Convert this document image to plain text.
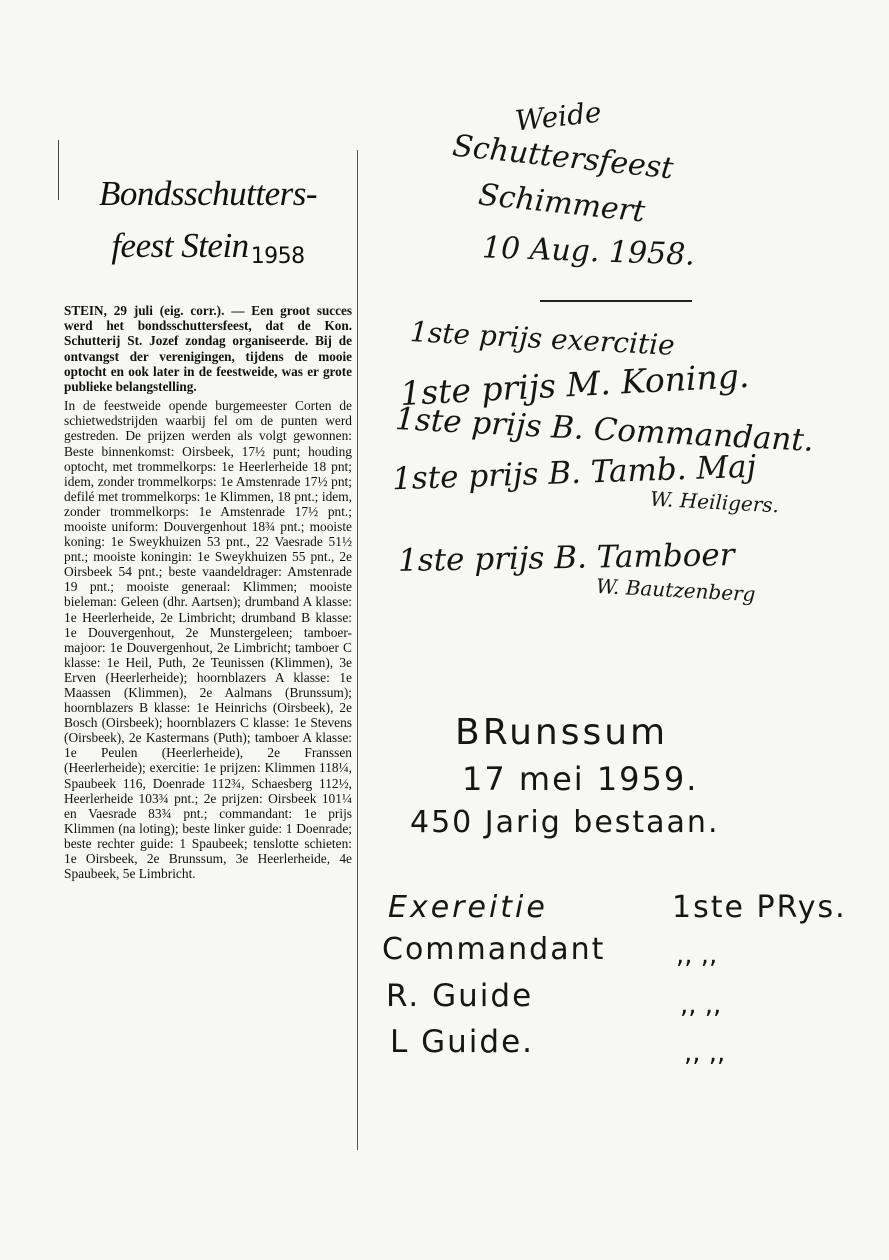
Bondsschutters-
feest Stein1958

STEIN, 29 juli (eig. corr.). — Een groot succes werd het bondsschuttersfeest, dat de Kon. Schutterij St. Jozef zondag organiseerde. Bij de ontvangst der verenigingen, tijdens de mooie optocht en ook later in de feestweide, was er grote publieke belangstelling.

In de feestweide opende burgemeester Corten de schietwedstrijden waarbij fel om de punten werd gestreden. De prijzen werden als volgt gewonnen: Beste binnenkomst: Oirsbeek, 17½ punt; houding optocht, met trommelkorps: 1e Heerlerheide 18 pnt; idem, zonder trommelkorps: 1e Amstenrade 17½ pnt; defilé met trommelkorps: 1e Klimmen, 18 pnt.; idem, zonder trommelkorps: 1e Amstenrade 17½ pnt.; mooiste uniform: Douvergenhout 18¾ pnt.; mooiste koning: 1e Sweykhuizen 53 pnt., 22 Vaesrade 51½ pnt.; mooiste koningin: 1e Sweykhuizen 55 pnt., 2e Oirsbeek 54 pnt.; beste vaandeldrager: Amstenrade 19 pnt.; mooiste generaal: Klimmen; mooiste bieleman: Geleen (dhr. Aartsen); drumband A klasse: 1e Heerlerheide, 2e Limbricht; drumband B klasse: 1e Douvergenhout, 2e Munstergeleen; tamboer-majoor: 1e Douvergenhout, 2e Limbricht; tamboer C klasse: 1e Heil, Puth, 2e Teunissen (Klimmen), 3e Erven (Heerlerheide); hoornblazers A klasse: 1e Maassen (Klimmen), 2e Aalmans (Brunssum); hoornblazers B klasse: 1e Heinrichs (Oirsbeek), 2e Bosch (Oirsbeek); hoornblazers C klasse: 1e Stevens (Oirsbeek), 2e Kastermans (Puth); tamboer A klasse: 1e Peulen (Heerlerheide), 2e Franssen (Heerlerheide); exercitie: 1e prijzen: Klimmen 118¼, Spaubeek 116, Doenrade 112¾, Schaesberg 112½, Heerlerheide 103¾ pnt.; 2e prijzen: Oirsbeek 101¼ en Vaesrade 83¾ pnt.; commandant: 1e prijs Klimmen (na loting); beste linker guide: 1 Doenrade; beste rechter guide: 1 Spaubeek; tenslotte schieten: 1e Oirsbeek, 2e Brunssum, 3e Heerlerheide, 4e Spaubeek, 5e Limbricht.

Weide

Schuttersfeest

Schimmert

10 Aug. 1958.

1ste prijs exercitie

1ste prijs M. Koning.

1ste prijs B. Commandant.

1ste prijs B. Tamb. Maj

W. Heiligers.

1ste prijs B. Tamboer

W. Bautzenberg

BRunssum

17 mei 1959.

450 Jarig bestaan.

Exereitie	1ste PRys.

Commandant	,, ,,

R. Guide	,, ,,

L Guide.	,, ,,
